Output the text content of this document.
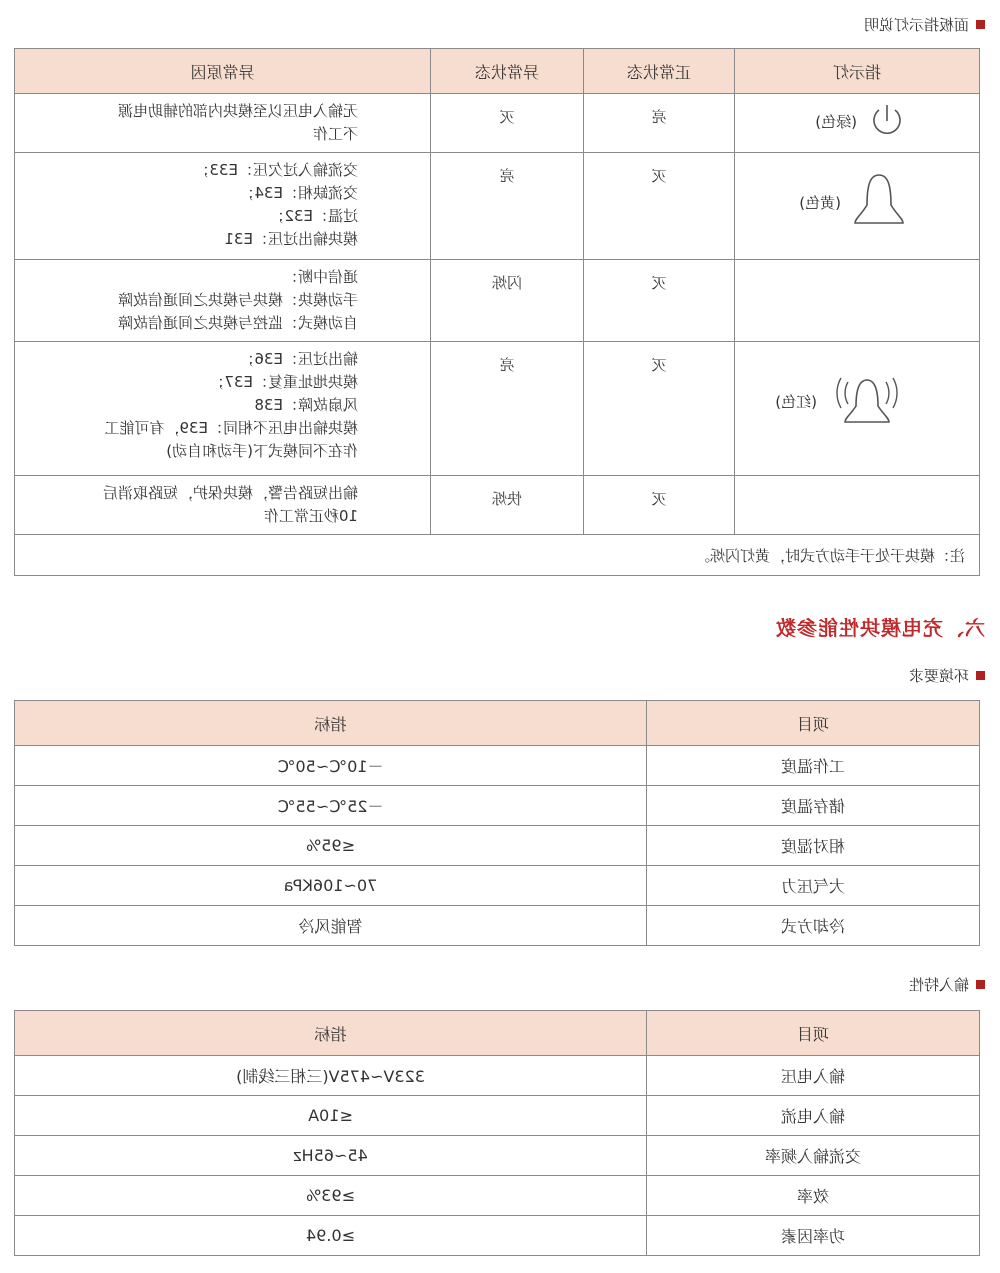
面板指示灯说明
指示灯	正常状态	异常状态	异常原因

(绿色)	亮	灭	无输入电压以至模块内部的辅助电源
不工作

(黄色)	灭	亮	交流输入过欠压：E33；
交流缺相：E34；
过温：E32；
模块输出过压：E31

	灭	闪烁	通信中断：
手动模块：模块与模块之间通信故障
自动模式：监控与模块之间通信故障

(红色)	灭	亮	输出过压：E36；
模块地址重复：E37；
风扇故障：E38
模块输出电压不相同：E39，有可能工
作在不同模式下(手动和自动)

	灭	快烁	输出短路告警，模块保护，短路取消后
10秒正常工作

注：模块于处于手动方式时，黄灯闪烁。			
六、充电模块性能参数
环境要求
项目	指标
工作温度	－10℃~50℃
储存温度	－25℃~55℃
相对湿度	≤95%
大气压力	70~106KPa
冷却方式	智能风冷
输入特性
项目	指标
输入电压	323V~475V(三相三线制)
输入电流	≤10A
交流输入频率	45~65Hz
效率	≥93%
功率因素	≥0.94
